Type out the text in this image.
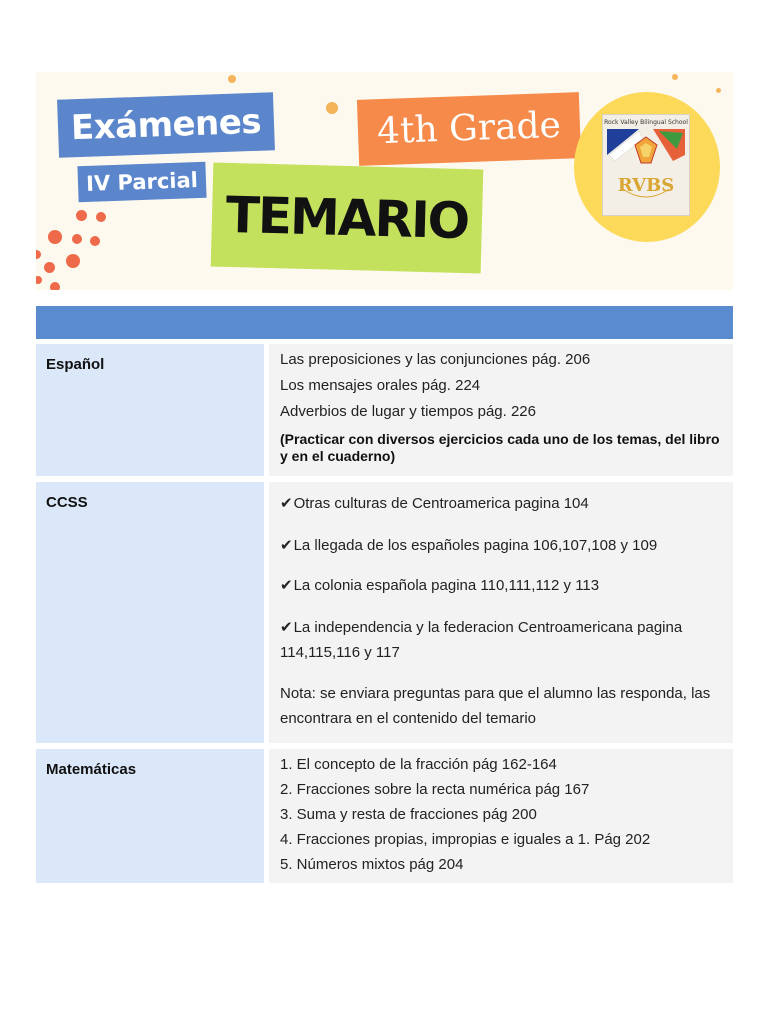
Exámenes
IV Parcial
4th Grade
TEMARIO
Rock Valley Bilingual School
RVBS
Español	Las preposiciones y las conjunciones pág. 206
Los mensajes orales pág. 224
Adverbios de lugar y tiempos pág. 226
(Practicar con diversos ejercicios cada uno de los temas, del libro y en el cuaderno)
CCSS	✔Otras culturas de Centroamerica pagina 104
✔La llegada de los españoles pagina 106,107,108 y 109
✔La colonia española pagina 110,111,112 y 113
✔La independencia y la federacion Centroamericana pagina 114,115,116 y 117
Nota: se enviara preguntas para que el alumno las responda, las encontrara en el contenido del temario
Matemáticas	1. El concepto de la fracción pág 162-164
2. Fracciones sobre la recta numérica pág 167
3. Suma y resta de fracciones pág 200
4. Fracciones propias, impropias e iguales a 1. Pág 202
5. Números mixtos pág 204
